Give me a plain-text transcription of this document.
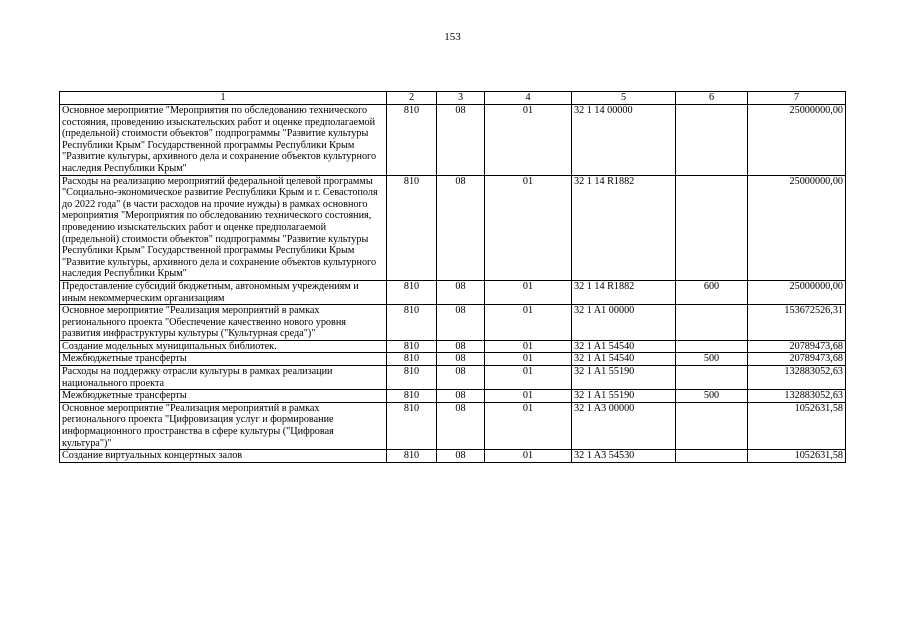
153
1	2	3	4	5	6	7
Основное мероприятие "Мероприятия по обследованию технического состояния, проведению изыскательских работ и оценке предполагаемой (предельной) стоимости объектов" подпрограммы "Развитие культуры Республики Крым" Государственной программы Республики Крым "Развитие культуры, архивного дела и сохранение объектов культурного наследия Республики Крым"	810	08	01	32 1 14 00000		25000000,00
Расходы на реализацию мероприятий федеральной целевой программы "Социально-экономическое развитие Республики Крым и г. Севастополя до 2022 года" (в части расходов на прочие нужды) в рамках основного мероприятия "Мероприятия по обследованию технического состояния, проведению изыскательских работ и оценке предполагаемой (предельной) стоимости объектов" подпрограммы "Развитие культуры Республики Крым" Государственной программы Республики Крым "Развитие культуры, архивного дела и сохранение объектов культурного наследия Республики Крым"	810	08	01	32 1 14 R1882		25000000,00
Предоставление субсидий бюджетным, автономным учреждениям и иным некоммерческим организациям	810	08	01	32 1 14 R1882	600	25000000,00
Основное мероприятие "Реализация мероприятий в рамках регионального проекта "Обеспечение качественно нового уровня развития инфраструктуры культуры ("Культурная среда")"	810	08	01	32 1 A1 00000		153672526,31
Создание модельных муниципальных библиотек.	810	08	01	32 1 A1 54540		20789473,68
Межбюджетные трансферты	810	08	01	32 1 A1 54540	500	20789473,68
Расходы на поддержку отрасли культуры в рамках реализации национального проекта	810	08	01	32 1 A1 55190		132883052,63
Межбюджетные трансферты	810	08	01	32 1 A1 55190	500	132883052,63
Основное мероприятие "Реализация мероприятий в рамках регионального проекта "Цифровизация услуг и формирование информационного пространства в сфере культуры ("Цифровая культура")"	810	08	01	32 1 A3 00000		1052631,58
Создание виртуальных концертных залов	810	08	01	32 1 A3 54530		1052631,58
